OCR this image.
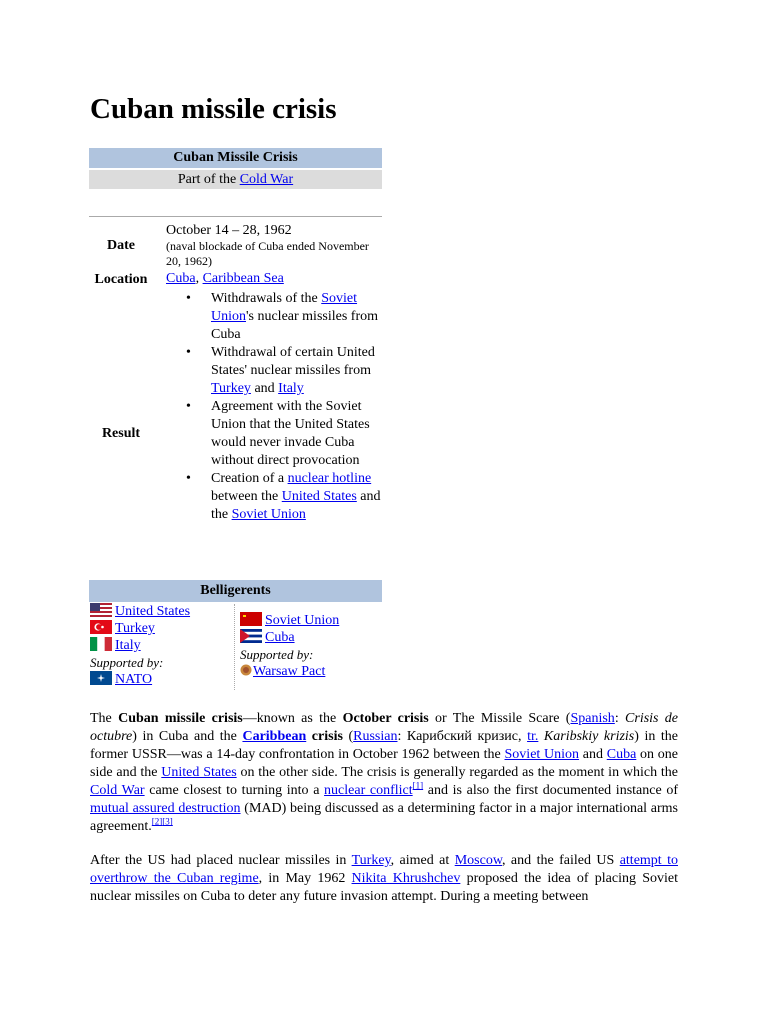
Cuban missile crisis
Cuban Missile Crisis
Part of the Cold War
Date
October 14 – 28, 1962
(naval blockade of Cuba ended November 20, 1962)
Location	Cuba, Caribbean Sea
Result
• Withdrawals of the Soviet Union's nuclear missiles from Cuba
• Withdrawal of certain United States' nuclear missiles from Turkey and Italy
• Agreement with the Soviet Union that the United States would never invade Cuba without direct provocation
• Creation of a nuclear hotline between the United States and the Soviet Union
Belligerents
United States
Turkey
Italy
Supported by:
NATO
Soviet Union
Cuba
Supported by:
Warsaw Pact

The Cuban missile crisis—known as the October crisis or The Missile Scare (Spanish: Crisis de octubre) in Cuba and the Caribbean crisis (Russian: Карибский кризис, tr. Karibskiy krizis) in the former USSR—was a 14-day confrontation in October 1962 between the Soviet Union and Cuba on one side and the United States on the other side. The crisis is generally regarded as the moment in which the Cold War came closest to turning into a nuclear conflict[1] and is also the first documented instance of mutual assured destruction (MAD) being discussed as a determining factor in a major international arms agreement.[2][3]

After the US had placed nuclear missiles in Turkey, aimed at Moscow, and the failed US attempt to overthrow the Cuban regime, in May 1962 Nikita Khrushchev proposed the idea of placing Soviet nuclear missiles on Cuba to deter any future invasion attempt. During a meeting between
